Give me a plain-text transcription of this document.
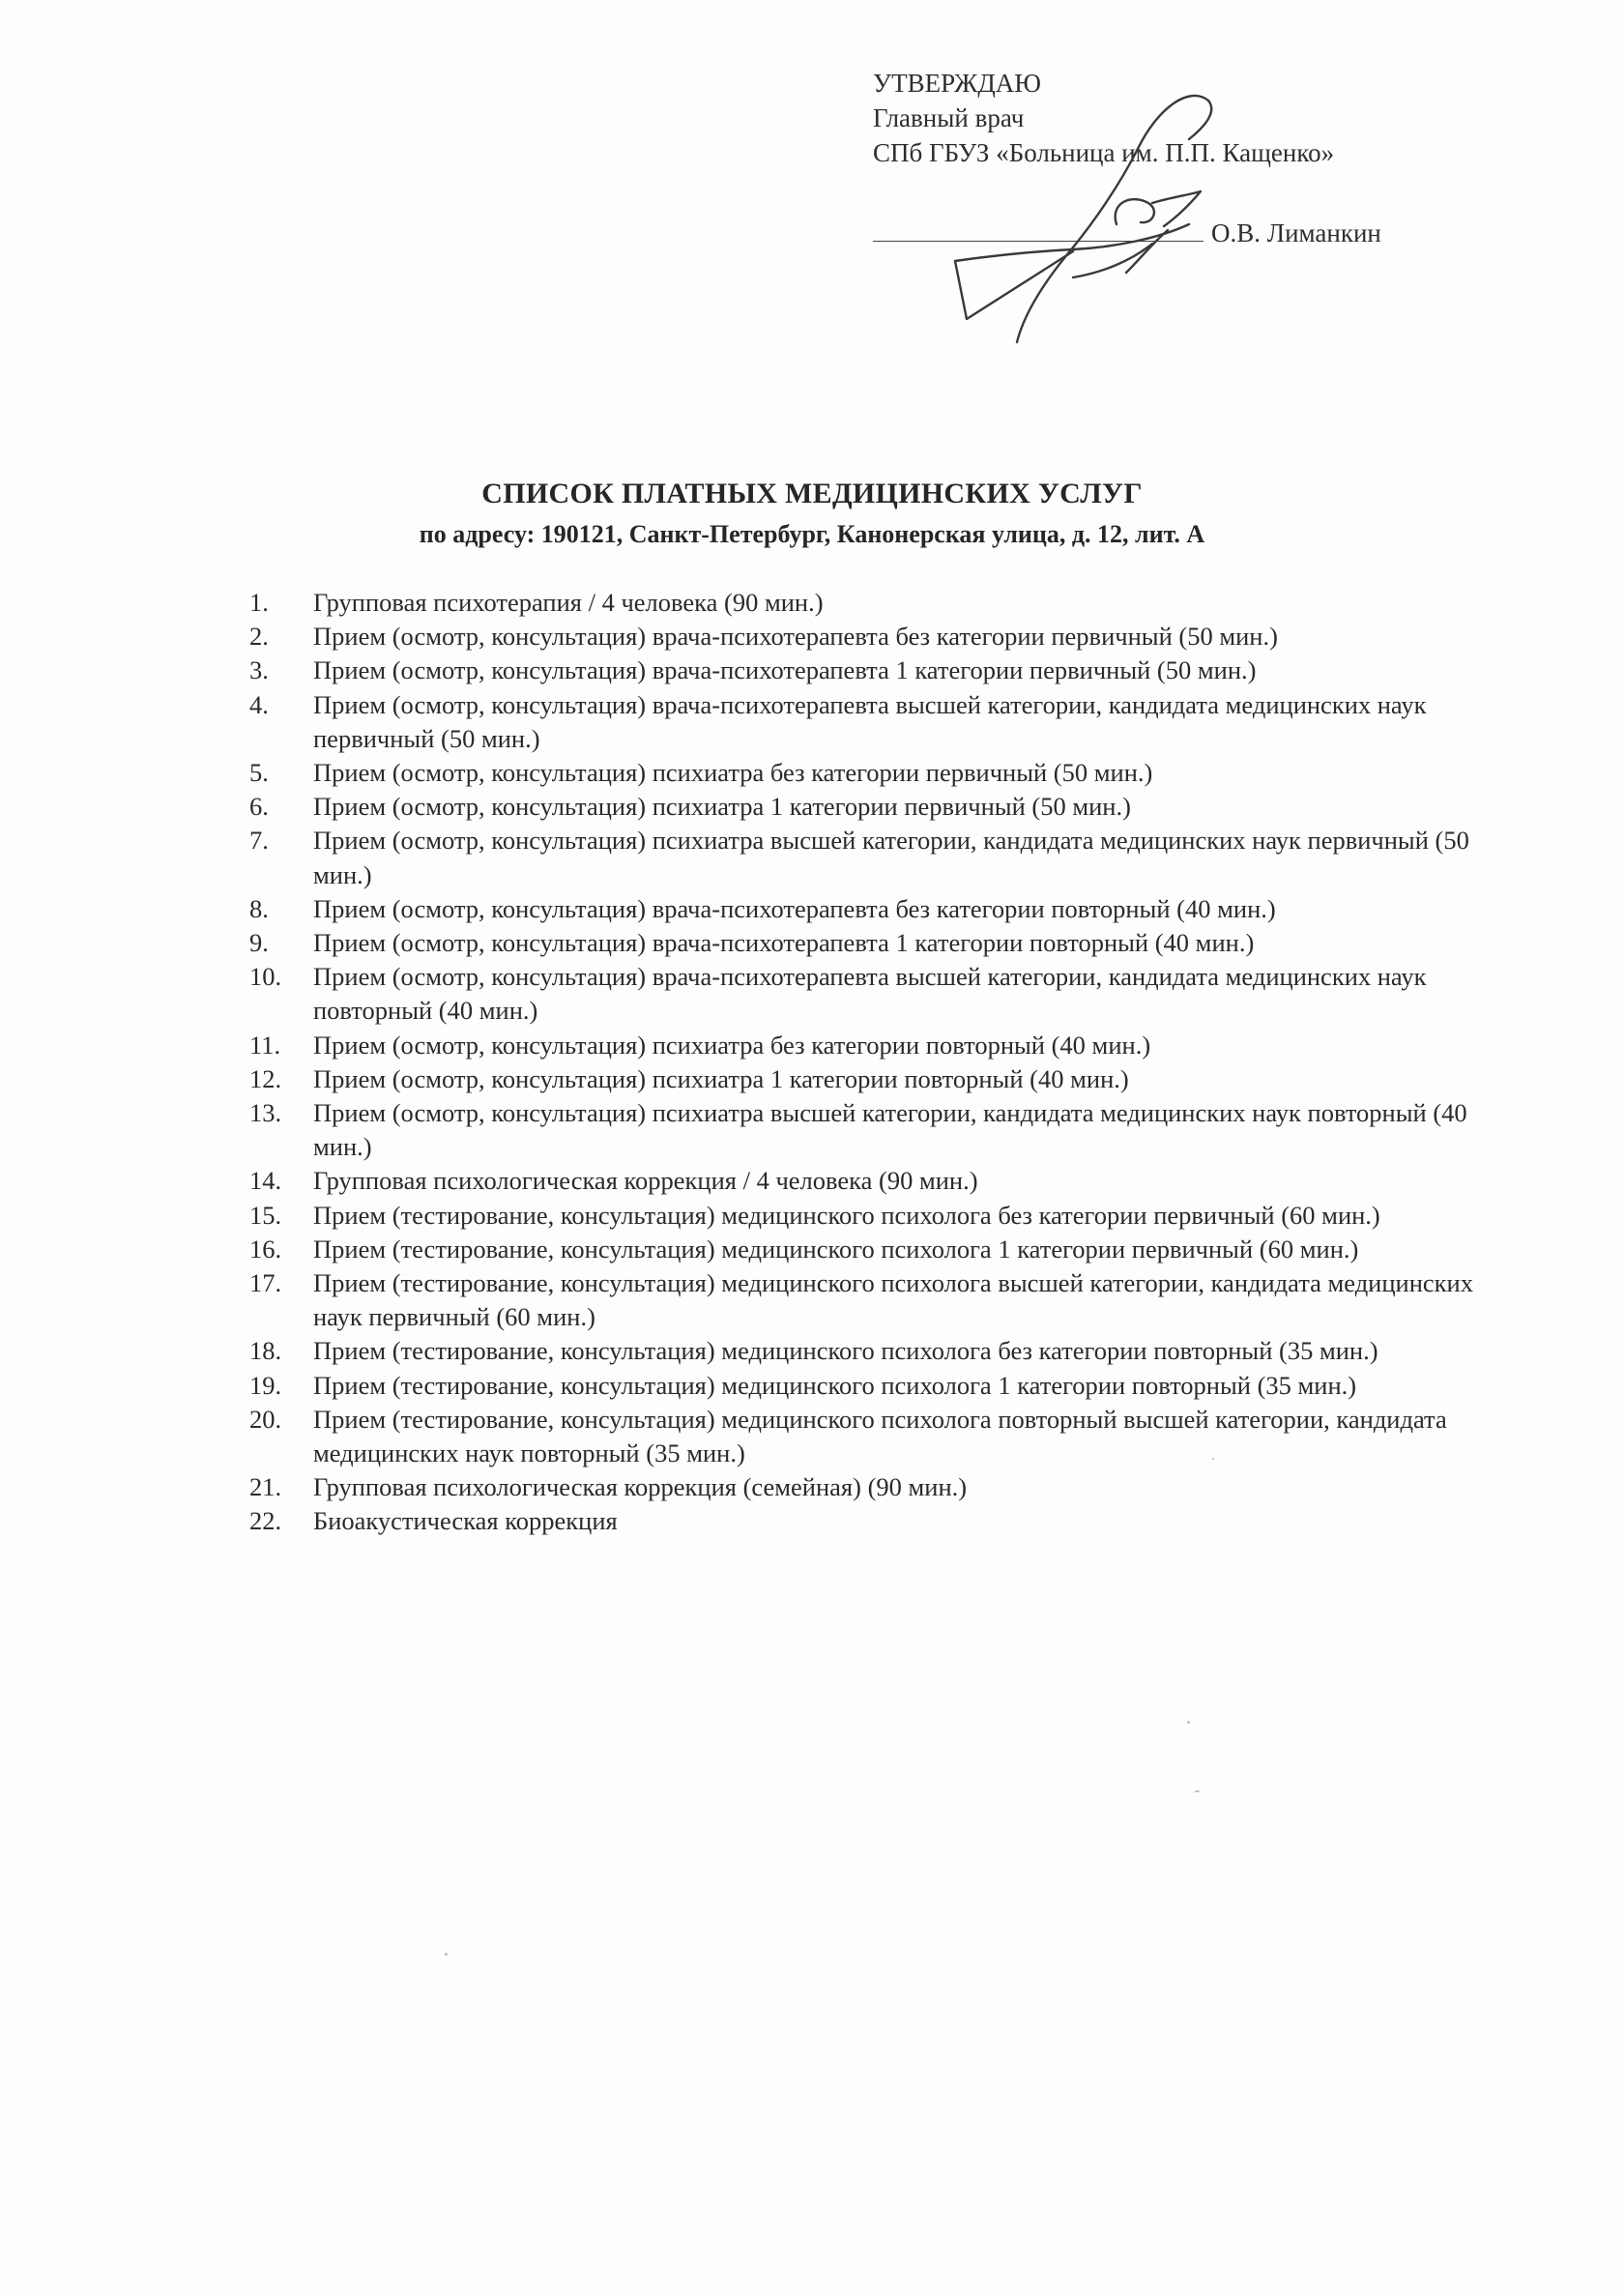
УТВЕРЖДАЮ
Главный врач
СПб ГБУЗ «Больница им. П.П. Кащенко»
О.В. Лиманкин
СПИСОК ПЛАТНЫХ МЕДИЦИНСКИХ УСЛУГ
по адресу: 190121, Санкт-Петербург, Канонерская улица, д. 12, лит. А
1.	Групповая психотерапия / 4 человека (90 мин.)
2.	Прием (осмотр, консультация) врача-психотерапевта без категории первичный (50 мин.)
3.	Прием (осмотр, консультация) врача-психотерапевта 1 категории первичный (50 мин.)
4.	Прием (осмотр, консультация) врача-психотерапевта высшей категории, кандидата медицинских наук первичный (50 мин.)
5.	Прием (осмотр, консультация) психиатра без категории первичный (50 мин.)
6.	Прием (осмотр, консультация) психиатра 1 категории первичный (50 мин.)
7.	Прием (осмотр, консультация) психиатра высшей категории, кандидата медицинских наук первичный (50 мин.)
8.	Прием (осмотр, консультация) врача-психотерапевта без категории повторный (40 мин.)
9.	Прием (осмотр, консультация) врача-психотерапевта 1 категории повторный (40 мин.)
10.	Прием (осмотр, консультация) врача-психотерапевта высшей категории, кандидата медицинских наук повторный (40 мин.)
11.	Прием (осмотр, консультация) психиатра без категории повторный (40 мин.)
12.	Прием (осмотр, консультация) психиатра 1 категории повторный (40 мин.)
13.	Прием (осмотр, консультация) психиатра высшей категории, кандидата медицинских наук повторный (40 мин.)
14.	Групповая психологическая коррекция / 4 человека (90 мин.)
15.	Прием (тестирование, консультация) медицинского психолога без категории первичный (60 мин.)
16.	Прием (тестирование, консультация) медицинского психолога 1 категории первичный (60 мин.)
17.	Прием (тестирование, консультация) медицинского психолога высшей категории, кандидата медицинских наук первичный (60 мин.)
18.	Прием (тестирование, консультация) медицинского психолога без категории повторный (35 мин.)
19.	Прием (тестирование, консультация) медицинского психолога 1 категории повторный (35 мин.)
20.	Прием (тестирование, консультация) медицинского психолога повторный высшей категории, кандидата медицинских наук повторный (35 мин.)
21.	Групповая психологическая коррекция (семейная) (90 мин.)
22.	Биоакустическая коррекция
